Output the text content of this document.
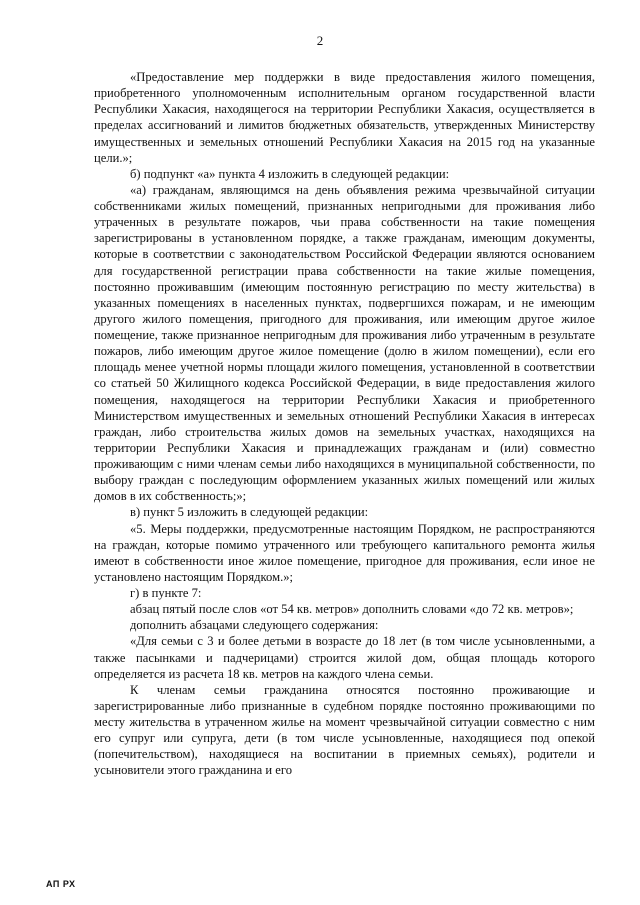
2

«Предоставление мер поддержки в виде предоставления жилого помещения, приобретенного уполномоченным исполнительным органом государственной власти Республики Хакасия, находящегося на территории Республики Хакасия, осуществляется в пределах ассигнований и лимитов бюджетных обязательств, утвержденных Министерству имущественных и земельных отношений Республики Хакасия на 2015 год на указанные цели.»;

б) подпункт «а» пункта 4 изложить в следующей редакции:

«а) гражданам, являющимся на день объявления режима чрезвычайной ситуации собственниками жилых помещений, признанных непригодными для проживания либо утраченных в результате пожаров, чьи права собственности на такие помещения зарегистрированы в установленном порядке, а также гражданам, имеющим документы, которые в соответствии с законодательством Российской Федерации являются основанием для государственной регистрации права собственности на такие жилые помещения, постоянно проживавшим (имеющим постоянную регистрацию по месту жительства) в указанных помещениях в населенных пунктах, подвергшихся пожарам, и не имеющим другого жилого помещения, пригодного для проживания, или имеющим другое жилое помещение, также признанное непригодным для проживания либо утраченным в результате пожаров, либо имеющим другое жилое помещение (долю в жилом помещении), если его площадь менее учетной нормы площади жилого помещения, установленной в соответствии со статьей 50 Жилищного кодекса Российской Федерации, в виде предоставления жилого помещения, находящегося на территории Республики Хакасия и приобретенного Министерством имущественных и земельных отношений Республики Хакасия в интересах граждан, либо строительства жилых домов на земельных участках, находящихся на территории Республики Хакасия и принадлежащих гражданам и (или) совместно проживающим с ними членам семьи либо находящихся в муниципальной собственности, по выбору граждан с последующим оформлением указанных жилых помещений или жилых домов в их собственность;»;

в) пункт 5 изложить в следующей редакции:

«5. Меры поддержки, предусмотренные настоящим Порядком, не распространяются на граждан, которые помимо утраченного или требующего капитального ремонта жилья имеют в собственности иное жилое помещение, пригодное для проживания, если иное не установлено настоящим Порядком.»;

г) в пункте 7:

абзац пятый после слов «от 54 кв. метров» дополнить словами «до 72 кв. метров»;

дополнить абзацами следующего содержания:

«Для семьи с 3 и более детьми в возрасте до 18 лет (в том числе усыновленными, а также пасынками и падчерицами) строится жилой дом, общая площадь которого определяется из расчета 18 кв. метров на каждого члена семьи.

К членам семьи гражданина относятся постоянно проживающие и зарегистрированные либо признанные в судебном порядке постоянно проживающими по месту жительства в утраченном жилье на момент чрезвычайной ситуации совместно с ним его супруг или супруга, дети (в том числе усыновленные, находящиеся под опекой (попечительством), находящиеся на воспитании в приемных семьях), родители и усыновители этого гражданина и его

АП РХ
